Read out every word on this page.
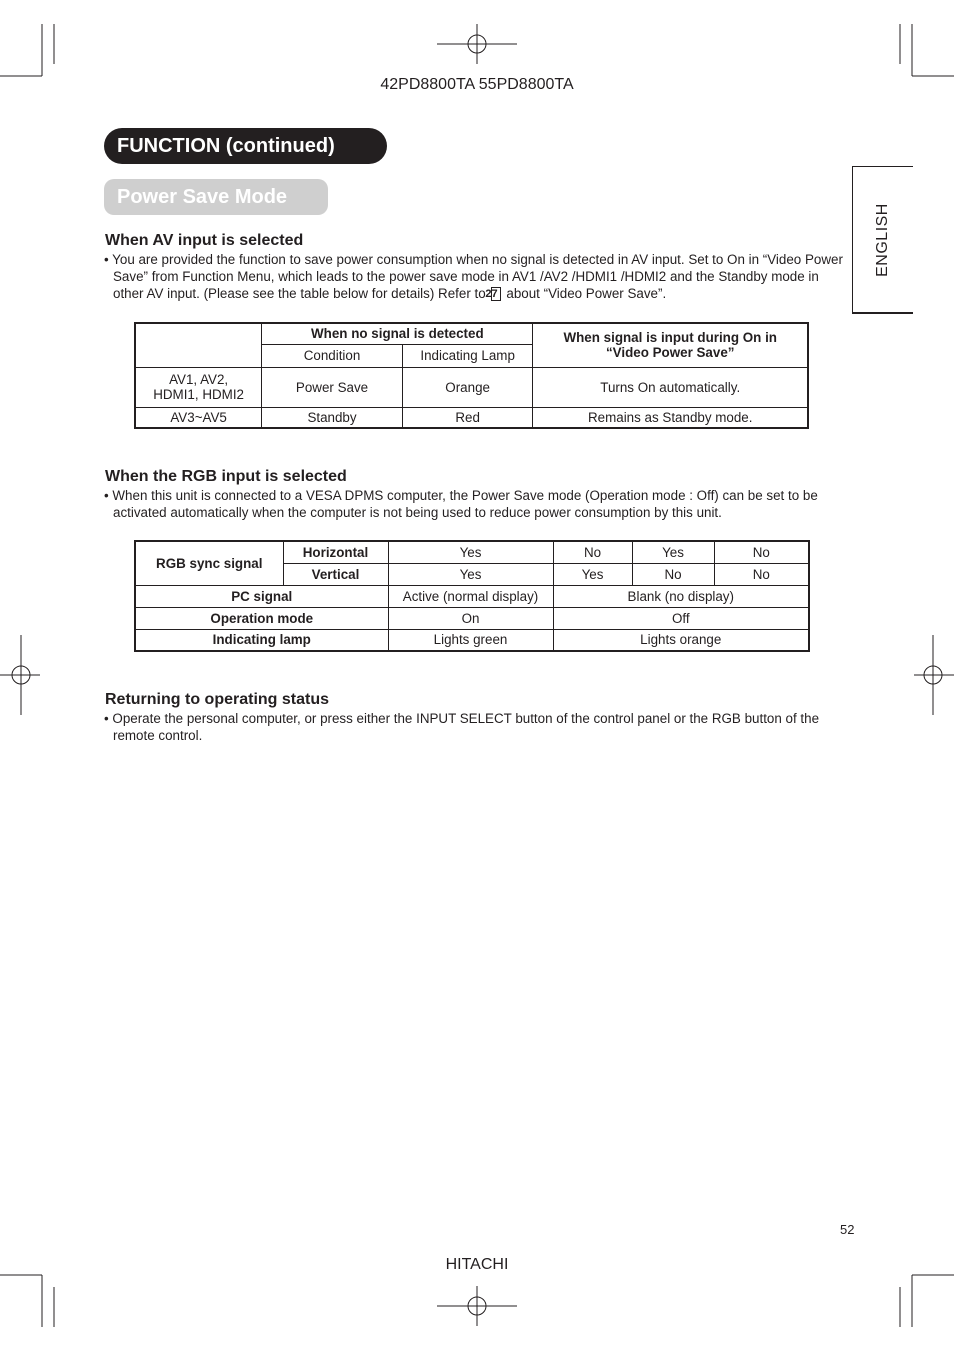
42PD8800TA 55PD8800TA
FUNCTION (continued)
Power Save Mode
ENGLISH
When AV input is selected
• You are provided the function to save power consumption when no signal is detected in AV input. Set to On in “Video Power Save” from Function Menu, which leads to the power save mode in AV1 /AV2 /HDMI1 /HDMI2 and the Standby mode in other AV input. (Please see the table below for details) Refer to 27 about “Video Power Save”.
	When no signal is detected		When signal is input during On in “Video Power Save”
	Condition	Indicating Lamp	
AV1, AV2, HDMI1, HDMI2	Power Save	Orange	Turns On automatically.
AV3~AV5	Standby	Red	Remains as Standby mode.
When the RGB input is selected
• When this unit is connected to a VESA DPMS computer, the Power Save mode (Operation mode : Off) can be set to be activated automatically when the computer is not being used to reduce power consumption by this unit.
RGB sync signal	Horizontal	Yes	No	Yes	No
	Vertical	Yes	Yes	No	No
PC signal		Active (normal display)	Blank (no display)		
Operation mode		On	Off		
Indicating lamp		Lights green	Lights orange		
Returning to operating status
• Operate the personal computer, or press either the INPUT SELECT button of the control panel or the RGB button of the remote control.
52
HITACHI
